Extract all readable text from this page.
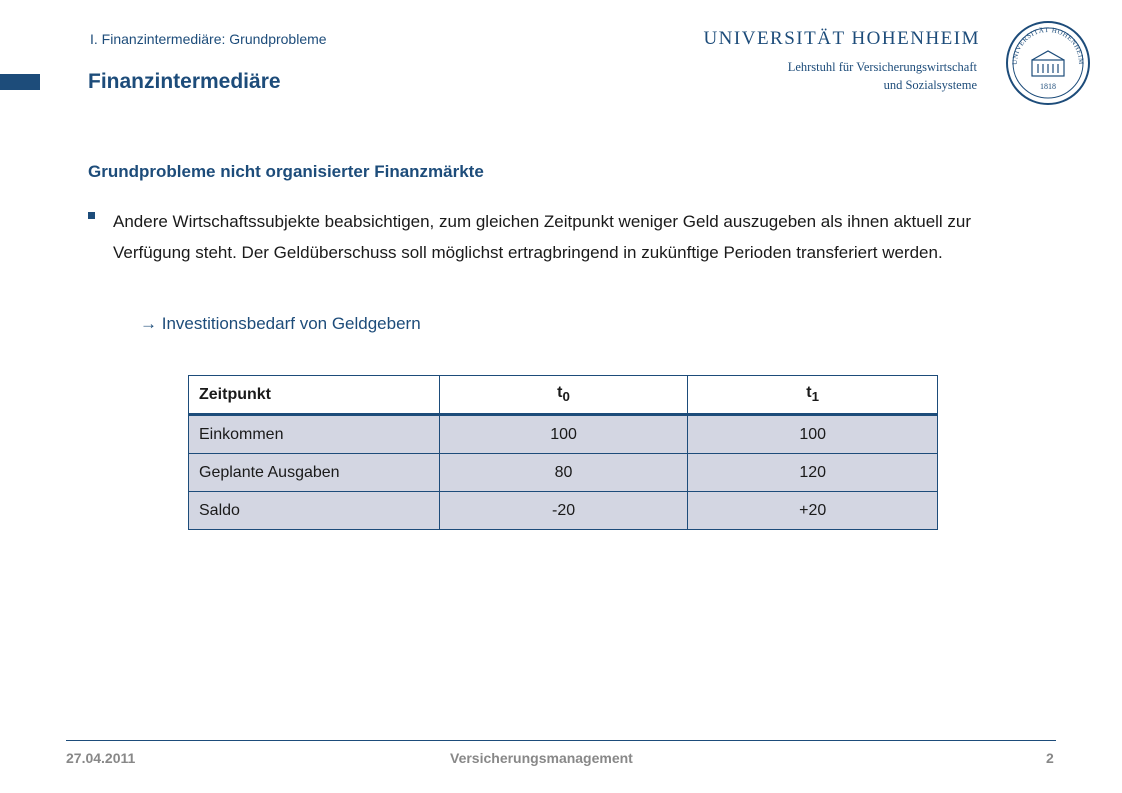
I. Finanzintermediäre: Grundprobleme
Finanzintermediäre
UNIVERSITÄT HOHENHEIM
Lehrstuhl für Versicherungswirtschaft
und Sozialsysteme
UNIVERSITÄT HOHENHEIM
1818
Grundprobleme nicht organisierter Finanzmärkte
Andere Wirtschaftssubjekte beabsichtigen, zum gleichen Zeitpunkt weniger Geld auszugeben als ihnen aktuell zur Verfügung steht. Der Geldüberschuss soll möglichst ertragbringend in zukünftige Perioden transferiert werden.
→ Investitionsbedarf von Geldgebern
Zeitpunkt	$t_0$	$t_1$
Einkommen	100	100
Geplante Ausgaben	80	120
Saldo	-20	+20
27.04.2011	Versicherungsmanagement	2
